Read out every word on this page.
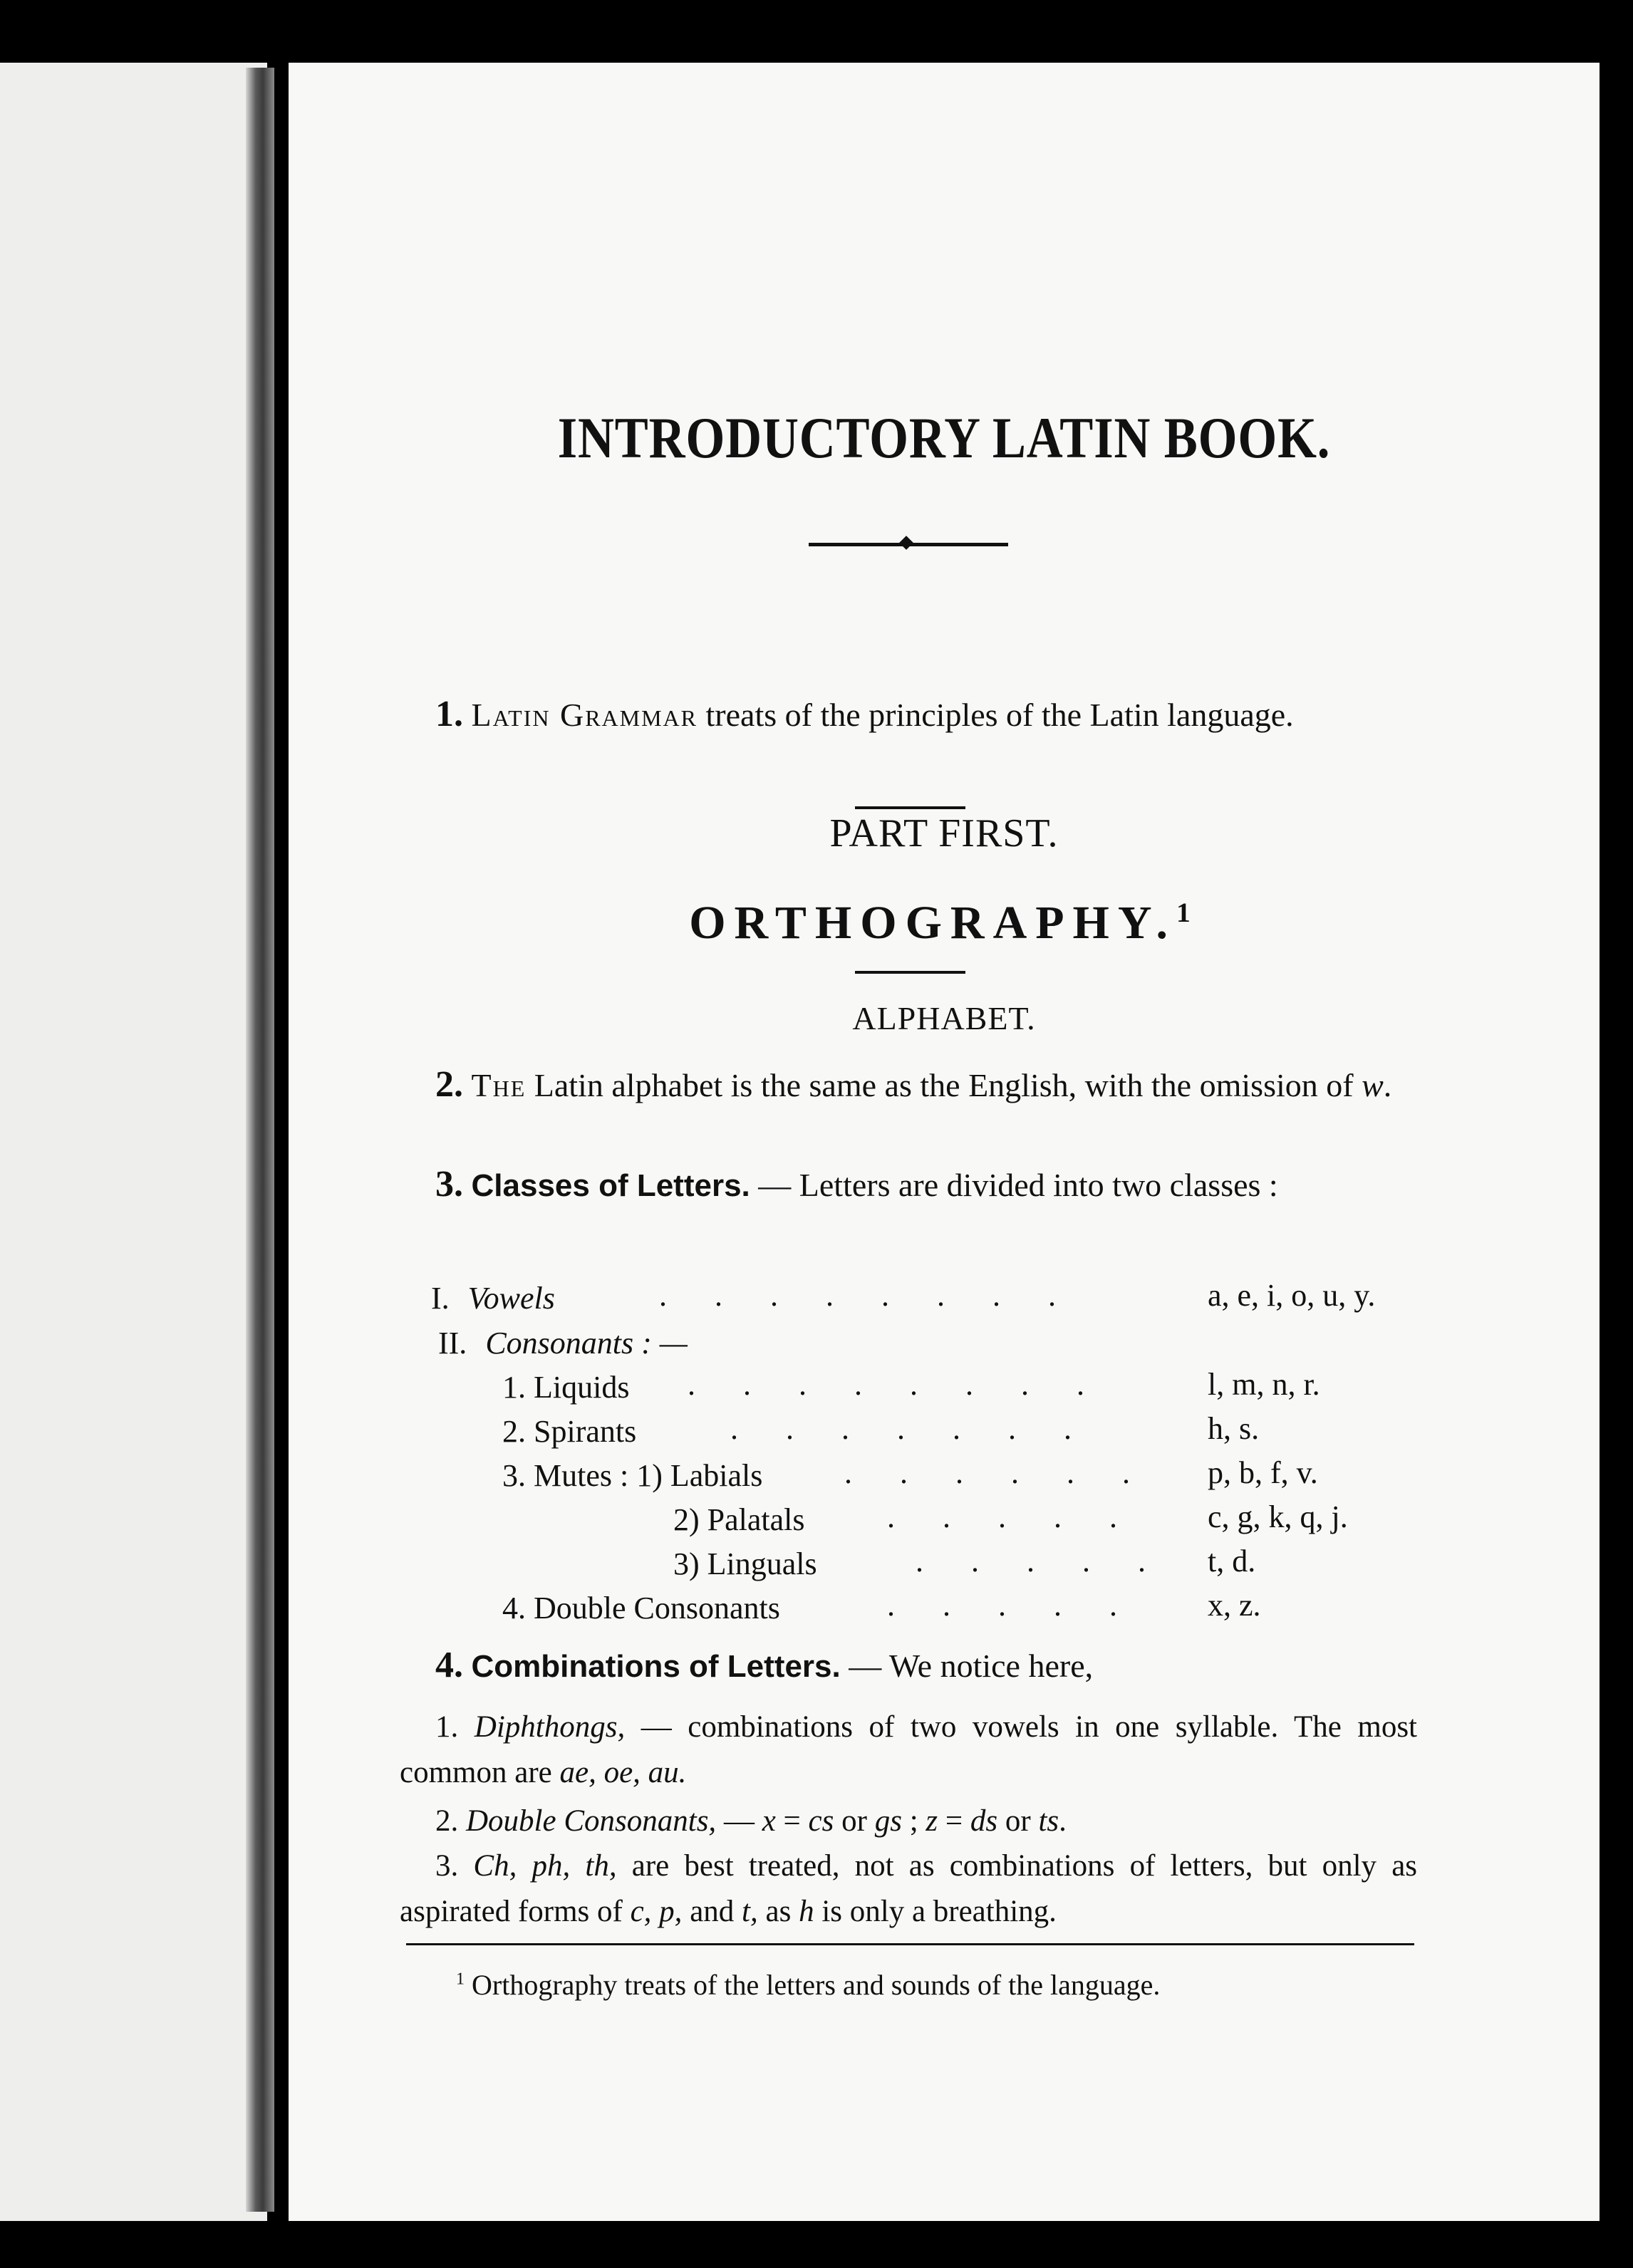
INTRODUCTORY LATIN BOOK.
1. Latin Grammar treats of the principles of the Latin language.
PART FIRST.
ORTHOGRAPHY.$^1$
ALPHABET.
2. The Latin alphabet is the same as the English, with the omission of w.
3. Classes of Letters. — Letters are divided into two classes :
I. Vowels	. . . . . . . .	a, e, i, o, u, y.
II. Consonants : —
1. Liquids . . . . . . . .	l, m, n, r.
2. Spirants	. . . . . . .	h, s.
3. Mutes : 1) Labials	. . . . . . p, b, f, v.
2) Palatals	. . . . . c, g, k, q, j.
3) Linguals	. . . . . t, d.
4. Double Consonants	. . . . . x, z.
4. Combinations of Letters. — We notice here,
1. Diphthongs, — combinations of two vowels in one syllable. The most common are ae, oe, au.
2. Double Consonants, — x = cs or gs ; z = ds or ts.
3. Ch, ph, th, are best treated, not as combinations of letters, but only as aspirated forms of c, p, and t, as h is only a breathing.
$^1$ Orthography treats of the letters and sounds of the language.
